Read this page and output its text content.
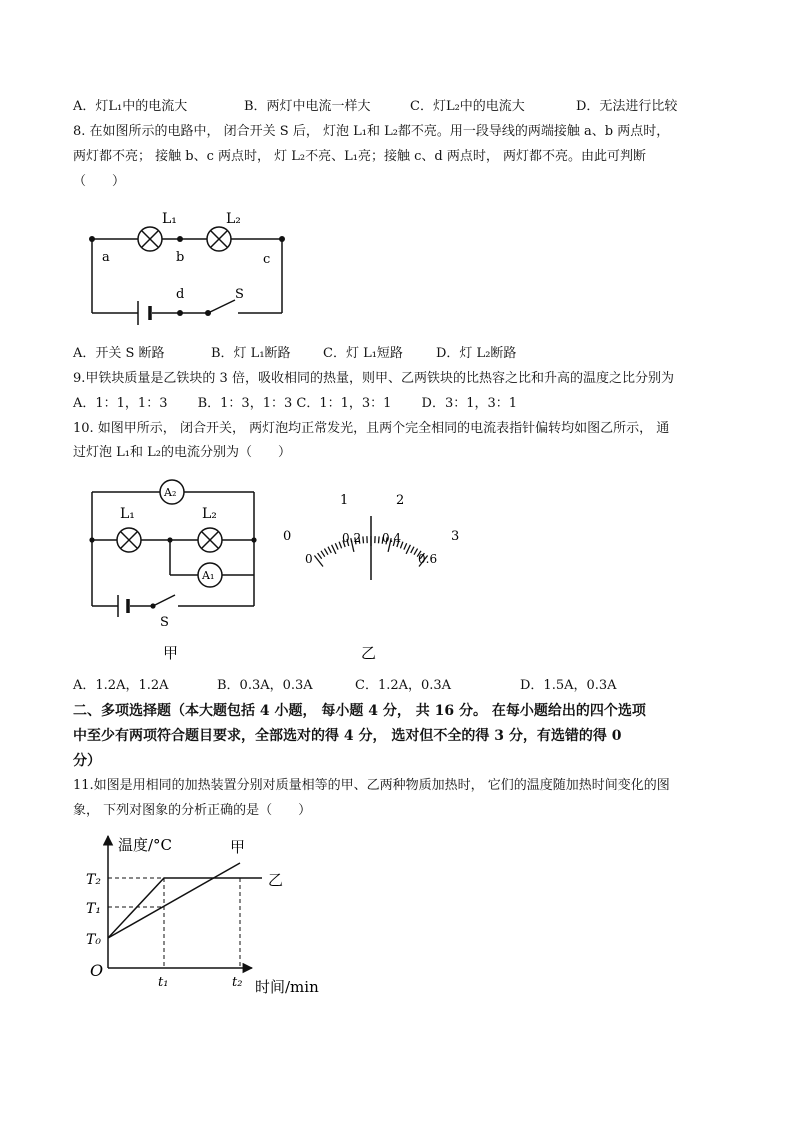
A．灯L₁中的电流大	B．两灯中电流一样大	C．灯L₂中的电流大	D．无法进行比较
8. 在如图所示的电路中， 闭合开关 S 后， 灯泡 L₁和 L₂都不亮。用一段导线的两端接触 a、b 两点时，
两灯都不亮； 接触 b、c 两点时， 灯 L₂不亮、L₁亮；接触 c、d 两点时， 两灯都不亮。由此可判断
（　　）
L₁	L₂
a	b	c
d	S
A．开关 S 断路	B．灯 L₁断路 C．灯 L₁短路	D．灯 L₂断路
9.甲铁块质量是乙铁块的 3 倍，吸收相同的热量，则甲、乙两铁块的比热容之比和升高的温度之比分别为
A．1：1，1：3　　 B．1：3，1：3 C．1：1，3：1　　 D．3：1，3：1
10. 如图甲所示， 闭合开关， 两灯泡均正常发光，且两个完全相同的电流表指针偏转均如图乙所示， 通
过灯泡 L₁和 L₂的电流分别为（　　）
A₂
A₁
L₁	L₂
S
甲
0
1	2
3
0
0.2 0.4
0.6
乙
A．1.2A，1.2A	B．0.3A，0.3A	C．1.2A，0.3A	D．1.5A，0.3A
二、多项选择题（本大题包括 4 小题， 每小题 4 分， 共 16 分。 在每小题给出的四个选项
中至少有两项符合题目要求，全部选对的得 4 分， 选对但不全的得 3 分，有选错的得 0
分）
11.如图是用相同的加热装置分别对质量相等的甲、乙两种物质加热时， 它们的温度随加热时间变化的图
象， 下列对图象的分析正确的是（　　）
温度/°C
时间/min
O
T₀
T₁
T₂
t₁	t₂
甲
乙
